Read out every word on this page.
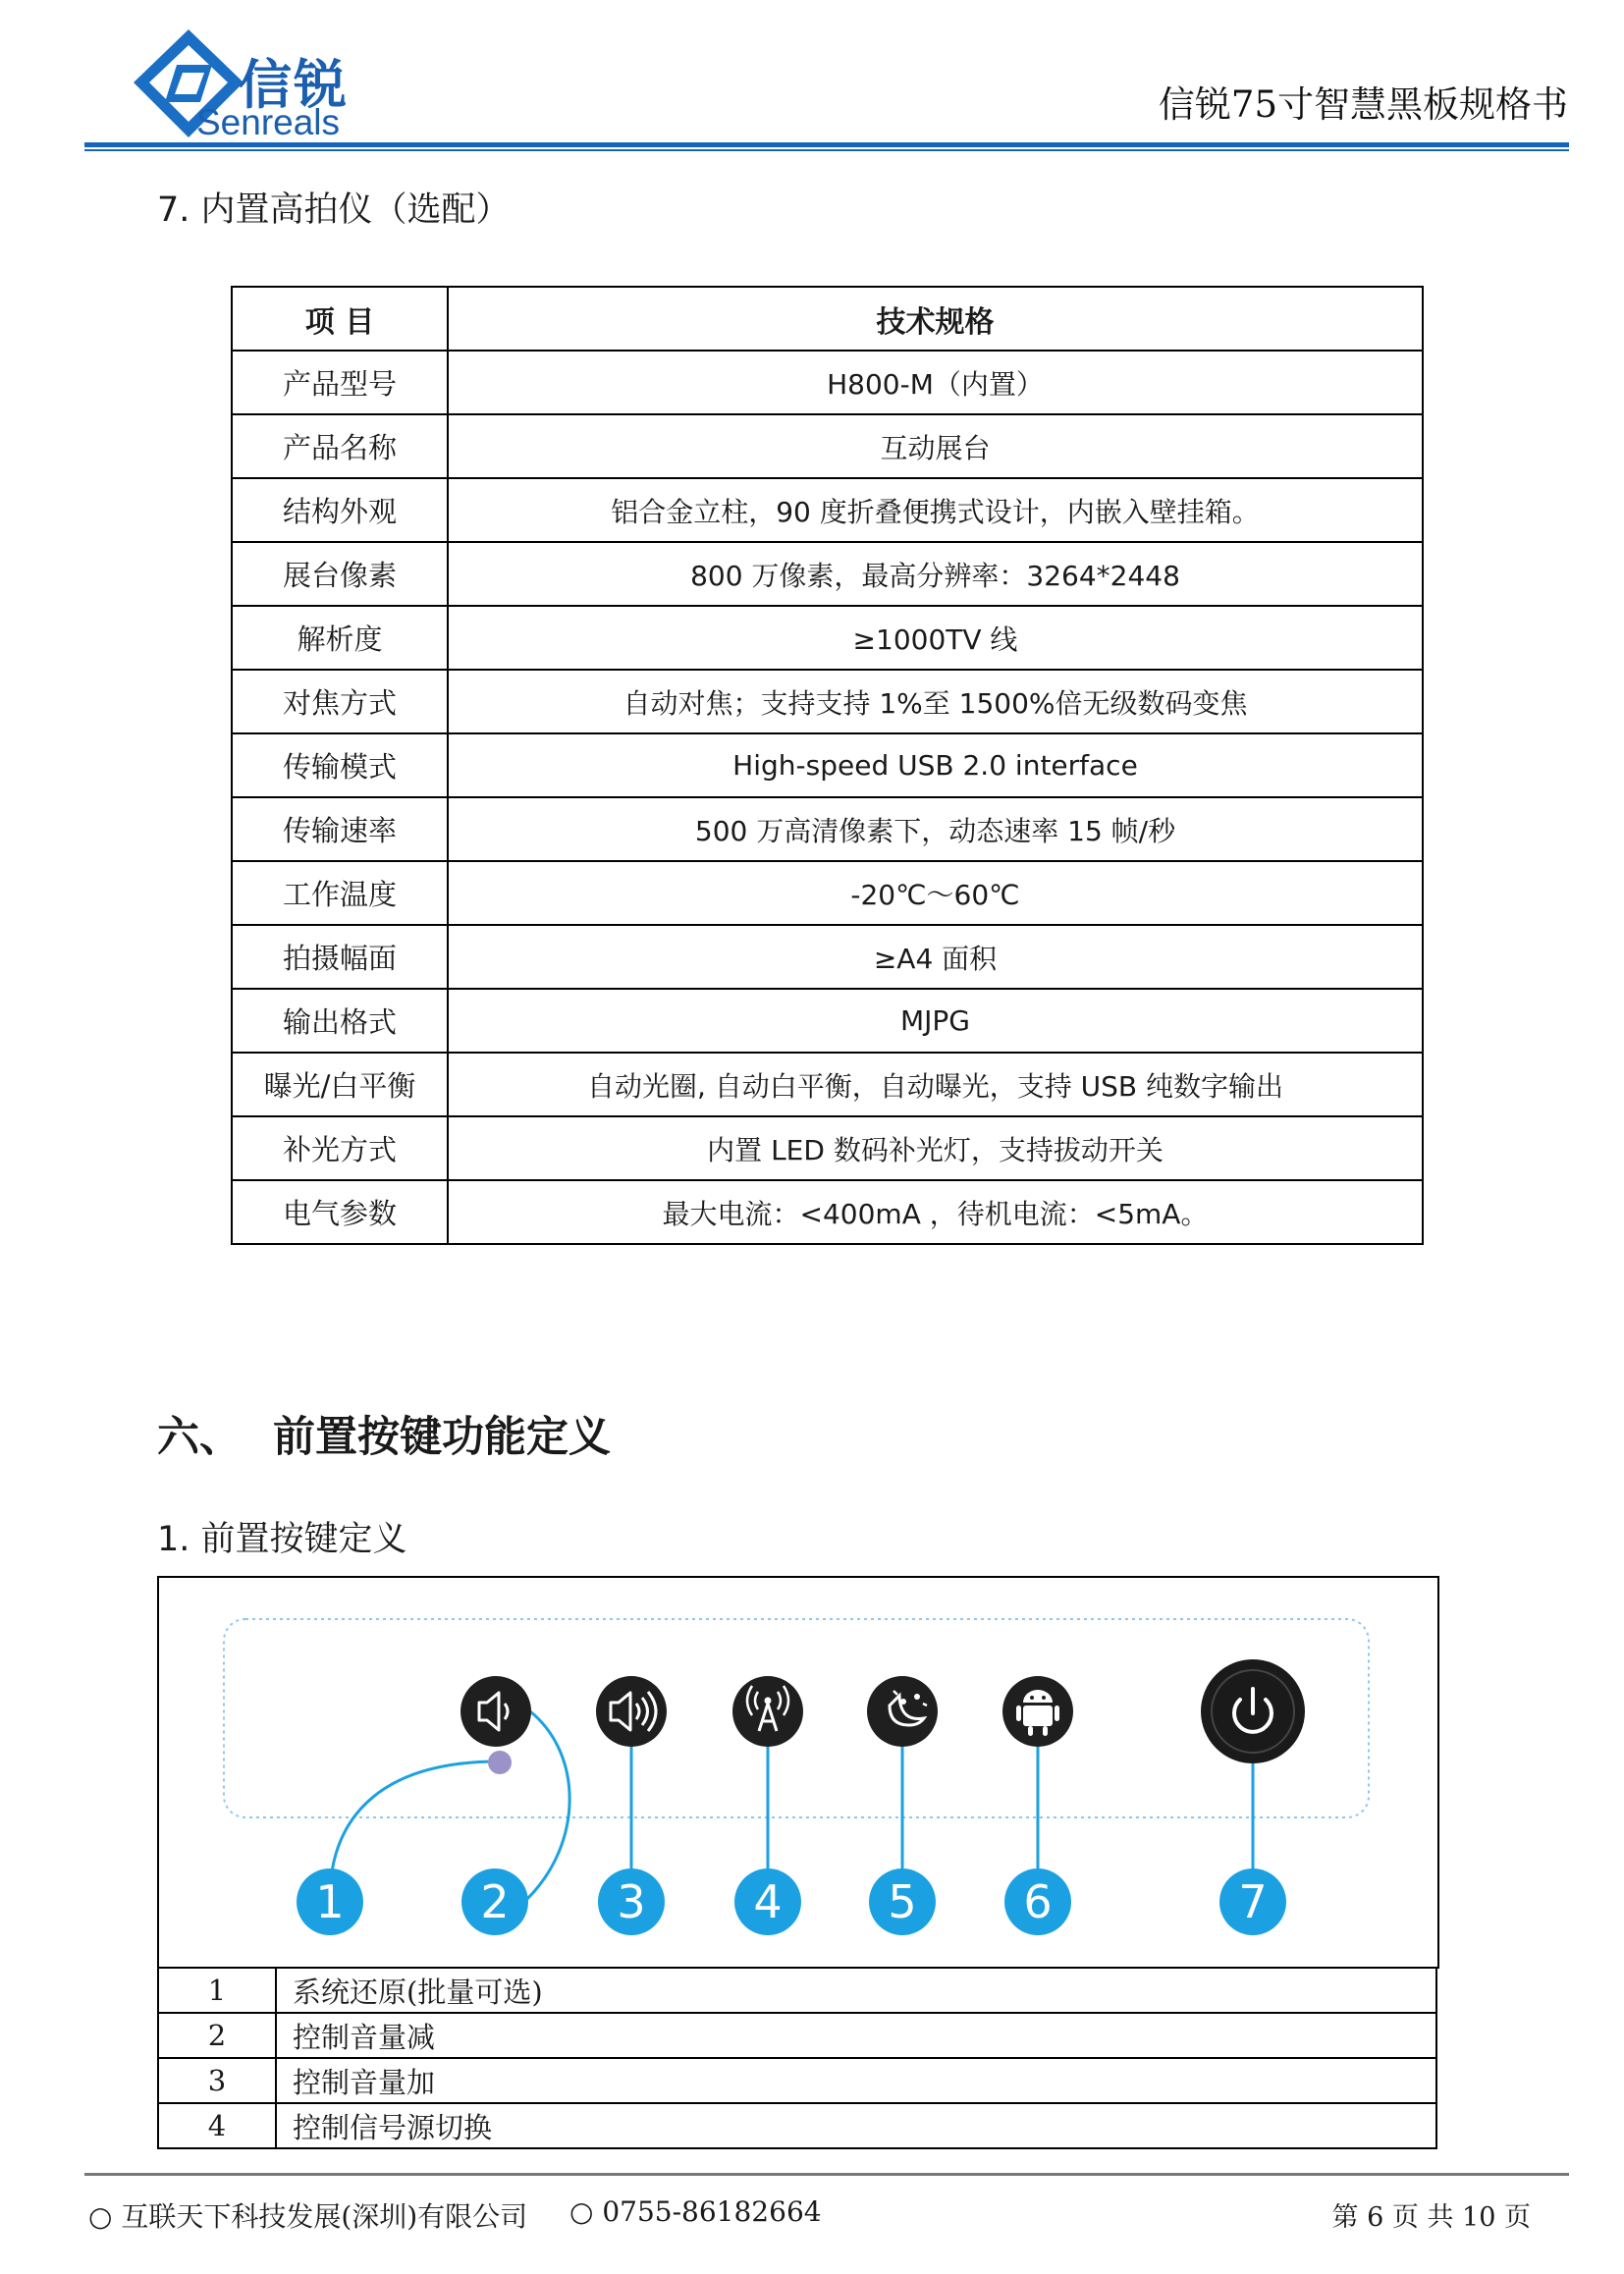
信锐
Senreals	信锐75寸智慧黑板规格书
7. 内置高拍仪（选配）
项 目	技术规格
产品型号	H800-M（内置）
产品名称	互动展台
结构外观	铝合金立柱，90 度折叠便携式设计，内嵌入壁挂箱。
展台像素	800 万像素，最高分辨率：3264*2448
解析度	≥1000TV 线
对焦方式	自动对焦；支持支持 1%至 1500%倍无级数码变焦
传输模式	High-speed USB 2.0 interface
传输速率	500 万高清像素下，动态速率 15 帧/秒
工作温度	-20℃～60℃
拍摄幅面	≥A4 面积
输出格式	MJPG
曝光/白平衡	自动光圈, 自动白平衡，自动曝光，支持 USB 纯数字输出
补光方式	内置 LED 数码补光灯，支持拔动开关
电气参数	最大电流：<400mA ，待机电流：<5mA。
六、 前置按键功能定义
1. 前置按键定义
1	2 3 4 5 6	7
1	系统还原(批量可选)
2	控制音量减
3	控制音量加
4	控制信号源切换
○ 互联天下科技发展(深圳)有限公司 ○ 0755-86182664	第 6 页 共 10 页
